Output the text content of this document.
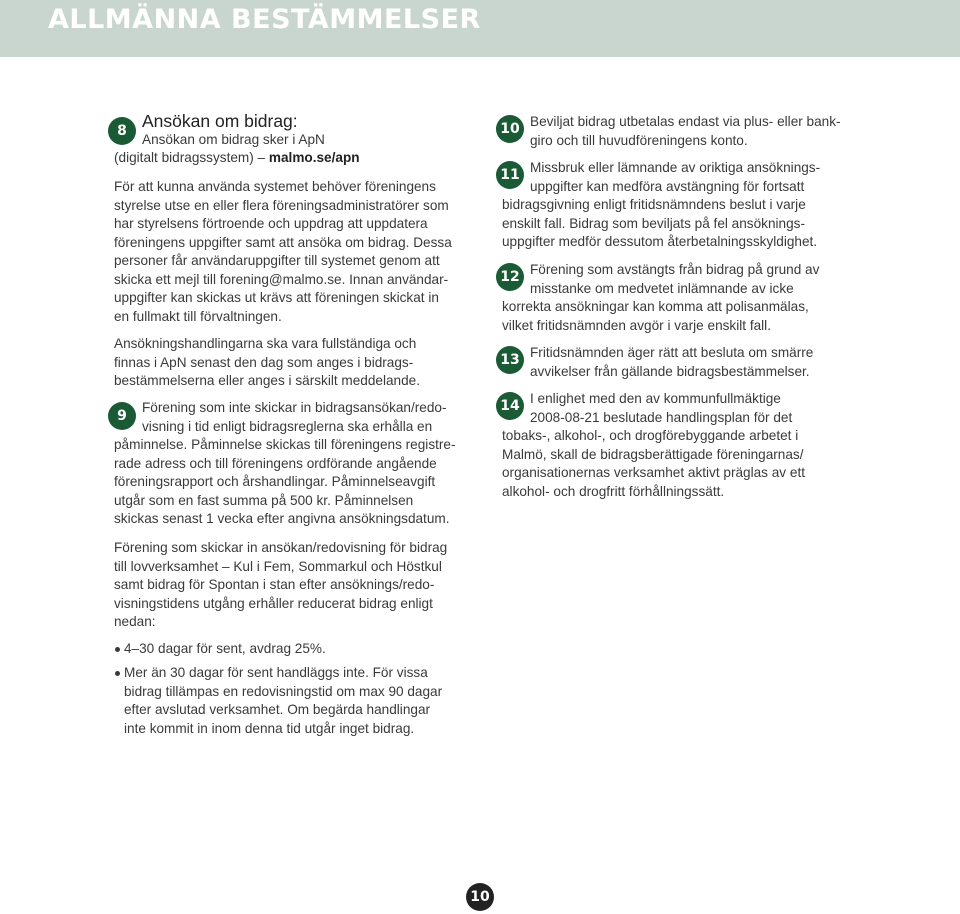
ALLMÄNNA BESTÄMMELSER
8 Ansökan om bidrag:
Ansökan om bidrag sker i ApN
(digitalt bidragssystem) – malmo.se/apn
För att kunna använda systemet behöver föreningens
styrelse utse en eller flera föreningsadministratörer som
har styrelsens förtroende och uppdrag att uppdatera
föreningens uppgifter samt att ansöka om bidrag. Dessa
personer får användaruppgifter till systemet genom att
skicka ett mejl till forening@malmo.se. Innan användar-
uppgifter kan skickas ut krävs att föreningen skickat in
en fullmakt till förvaltningen.
Ansökningshandlingarna ska vara fullständiga och
finnas i ApN senast den dag som anges i bidrags-
bestämmelserna eller anges i särskilt meddelande.
9
Förening som inte skickar in bidragsansökan/redo-
visning i tid enligt bidragsreglerna ska erhålla en
påminnelse. Påminnelse skickas till föreningens registre-
rade adress och till föreningens ordförande angående
föreningsrapport och årshandlingar. Påminnelseavgift
utgår som en fast summa på 500 kr. Påminnelsen
skickas senast 1 vecka efter angivna ansökningsdatum.
Förening som skickar in ansökan/redovisning för bidrag
till lovverksamhet – Kul i Fem, Sommarkul och Höstkul
samt bidrag för Spontan i stan efter ansöknings/redo-
visningstidens utgång erhåller reducerat bidrag enligt
nedan:
4–30 dagar för sent, avdrag 25%.
Mer än 30 dagar för sent handläggs inte. För vissa
bidrag tillämpas en redovisningstid om max 90 dagar
efter avslutad verksamhet. Om begärda handlingar
inte kommit in inom denna tid utgår inget bidrag.
10 Beviljat bidrag utbetalas endast via plus- eller bank-
giro och till huvudföreningens konto.
11 Missbruk eller lämnande av oriktiga ansöknings-
uppgifter kan medföra avstängning för fortsatt
bidragsgivning enligt fritidsnämndens beslut i varje
enskilt fall. Bidrag som beviljats på fel ansöknings-
uppgifter medför dessutom återbetalningsskyldighet.
12 Förening som avstängts från bidrag på grund av
misstanke om medvetet inlämnande av icke
korrekta ansökningar kan komma att polisanmälas,
vilket fritidsnämnden avgör i varje enskilt fall.
13 Fritidsnämnden äger rätt att besluta om smärre
avvikelser från gällande bidragsbestämmelser.
14 I enlighet med den av kommunfullmäktige
2008-08-21 beslutade handlingsplan för det
tobaks-, alkohol-, och drogförebyggande arbetet i
Malmö, skall de bidragsberättigade föreningarnas/
organisationernas verksamhet aktivt präglas av ett
alkohol- och drogfritt förhållningssätt.
10
